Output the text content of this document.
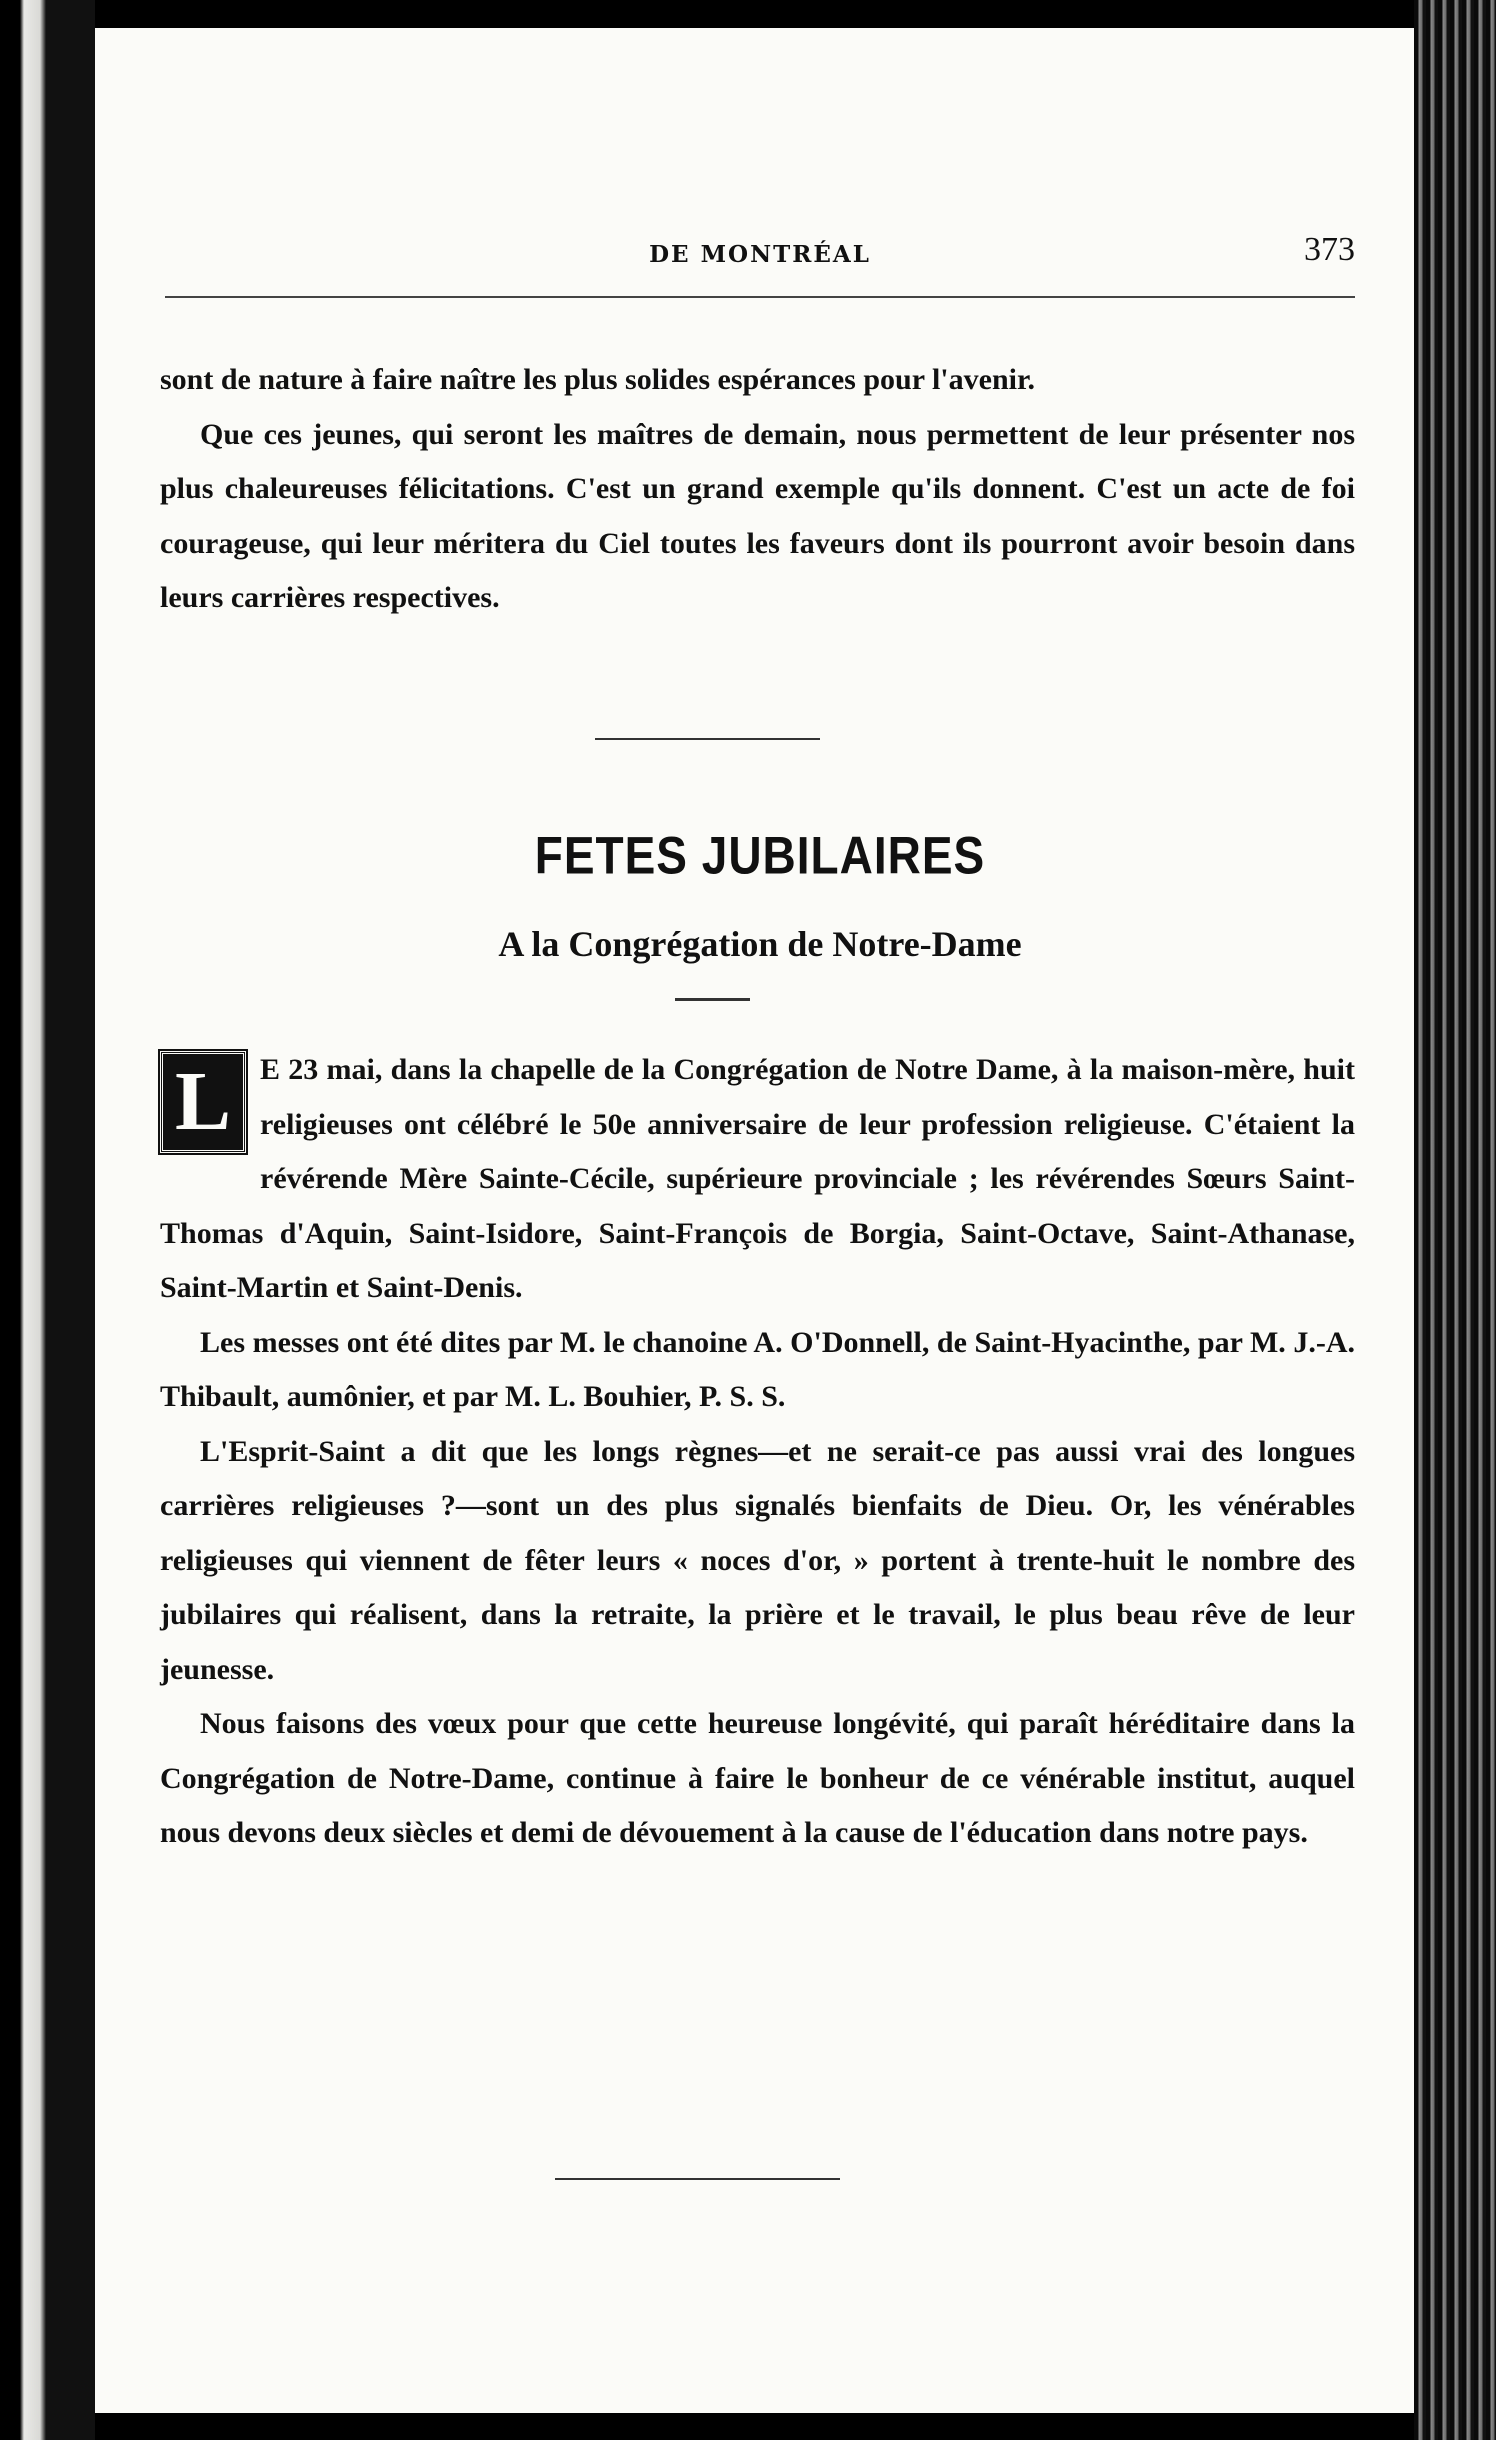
DE MONTRÉAL	373

sont de nature à faire naître les plus solides espérances pour l'avenir.

Que ces jeunes, qui seront les maîtres de demain, nous permettent de leur présenter nos plus chaleureuses félicitations. C'est un grand exemple qu'ils donnent. C'est un acte de foi courageuse, qui leur méritera du Ciel toutes les faveurs dont ils pourront avoir besoin dans leurs carrières respectives.

FETES JUBILAIRES
A la Congrégation de Notre-Dame

L E 23 mai, dans la chapelle de la Congrégation de Notre Dame, à la maison-mère, huit religieuses ont célébré le 50e anniversaire de leur profession religieuse. C'étaient la révérende Mère Sainte-Cécile, supérieure provinciale ; les révérendes Sœurs Saint-Thomas d'Aquin, Saint-Isidore, Saint-François de Borgia, Saint-Octave, Saint-Athanase, Saint-Martin et Saint-Denis.

Les messes ont été dites par M. le chanoine A. O'Donnell, de Saint-Hyacinthe, par M. J.-A. Thibault, aumônier, et par M. L. Bouhier, P. S. S.

L'Esprit-Saint a dit que les longs règnes—et ne serait-ce pas aussi vrai des longues carrières religieuses ?—sont un des plus signalés bienfaits de Dieu. Or, les vénérables religieuses qui viennent de fêter leurs « noces d'or, » portent à trente-huit le nombre des jubilaires qui réalisent, dans la retraite, la prière et le travail, le plus beau rêve de leur jeunesse.

Nous faisons des vœux pour que cette heureuse longévité, qui paraît héréditaire dans la Congrégation de Notre-Dame, continue à faire le bonheur de ce vénérable institut, auquel nous devons deux siècles et demi de dévouement à la cause de l'éducation dans notre pays.
